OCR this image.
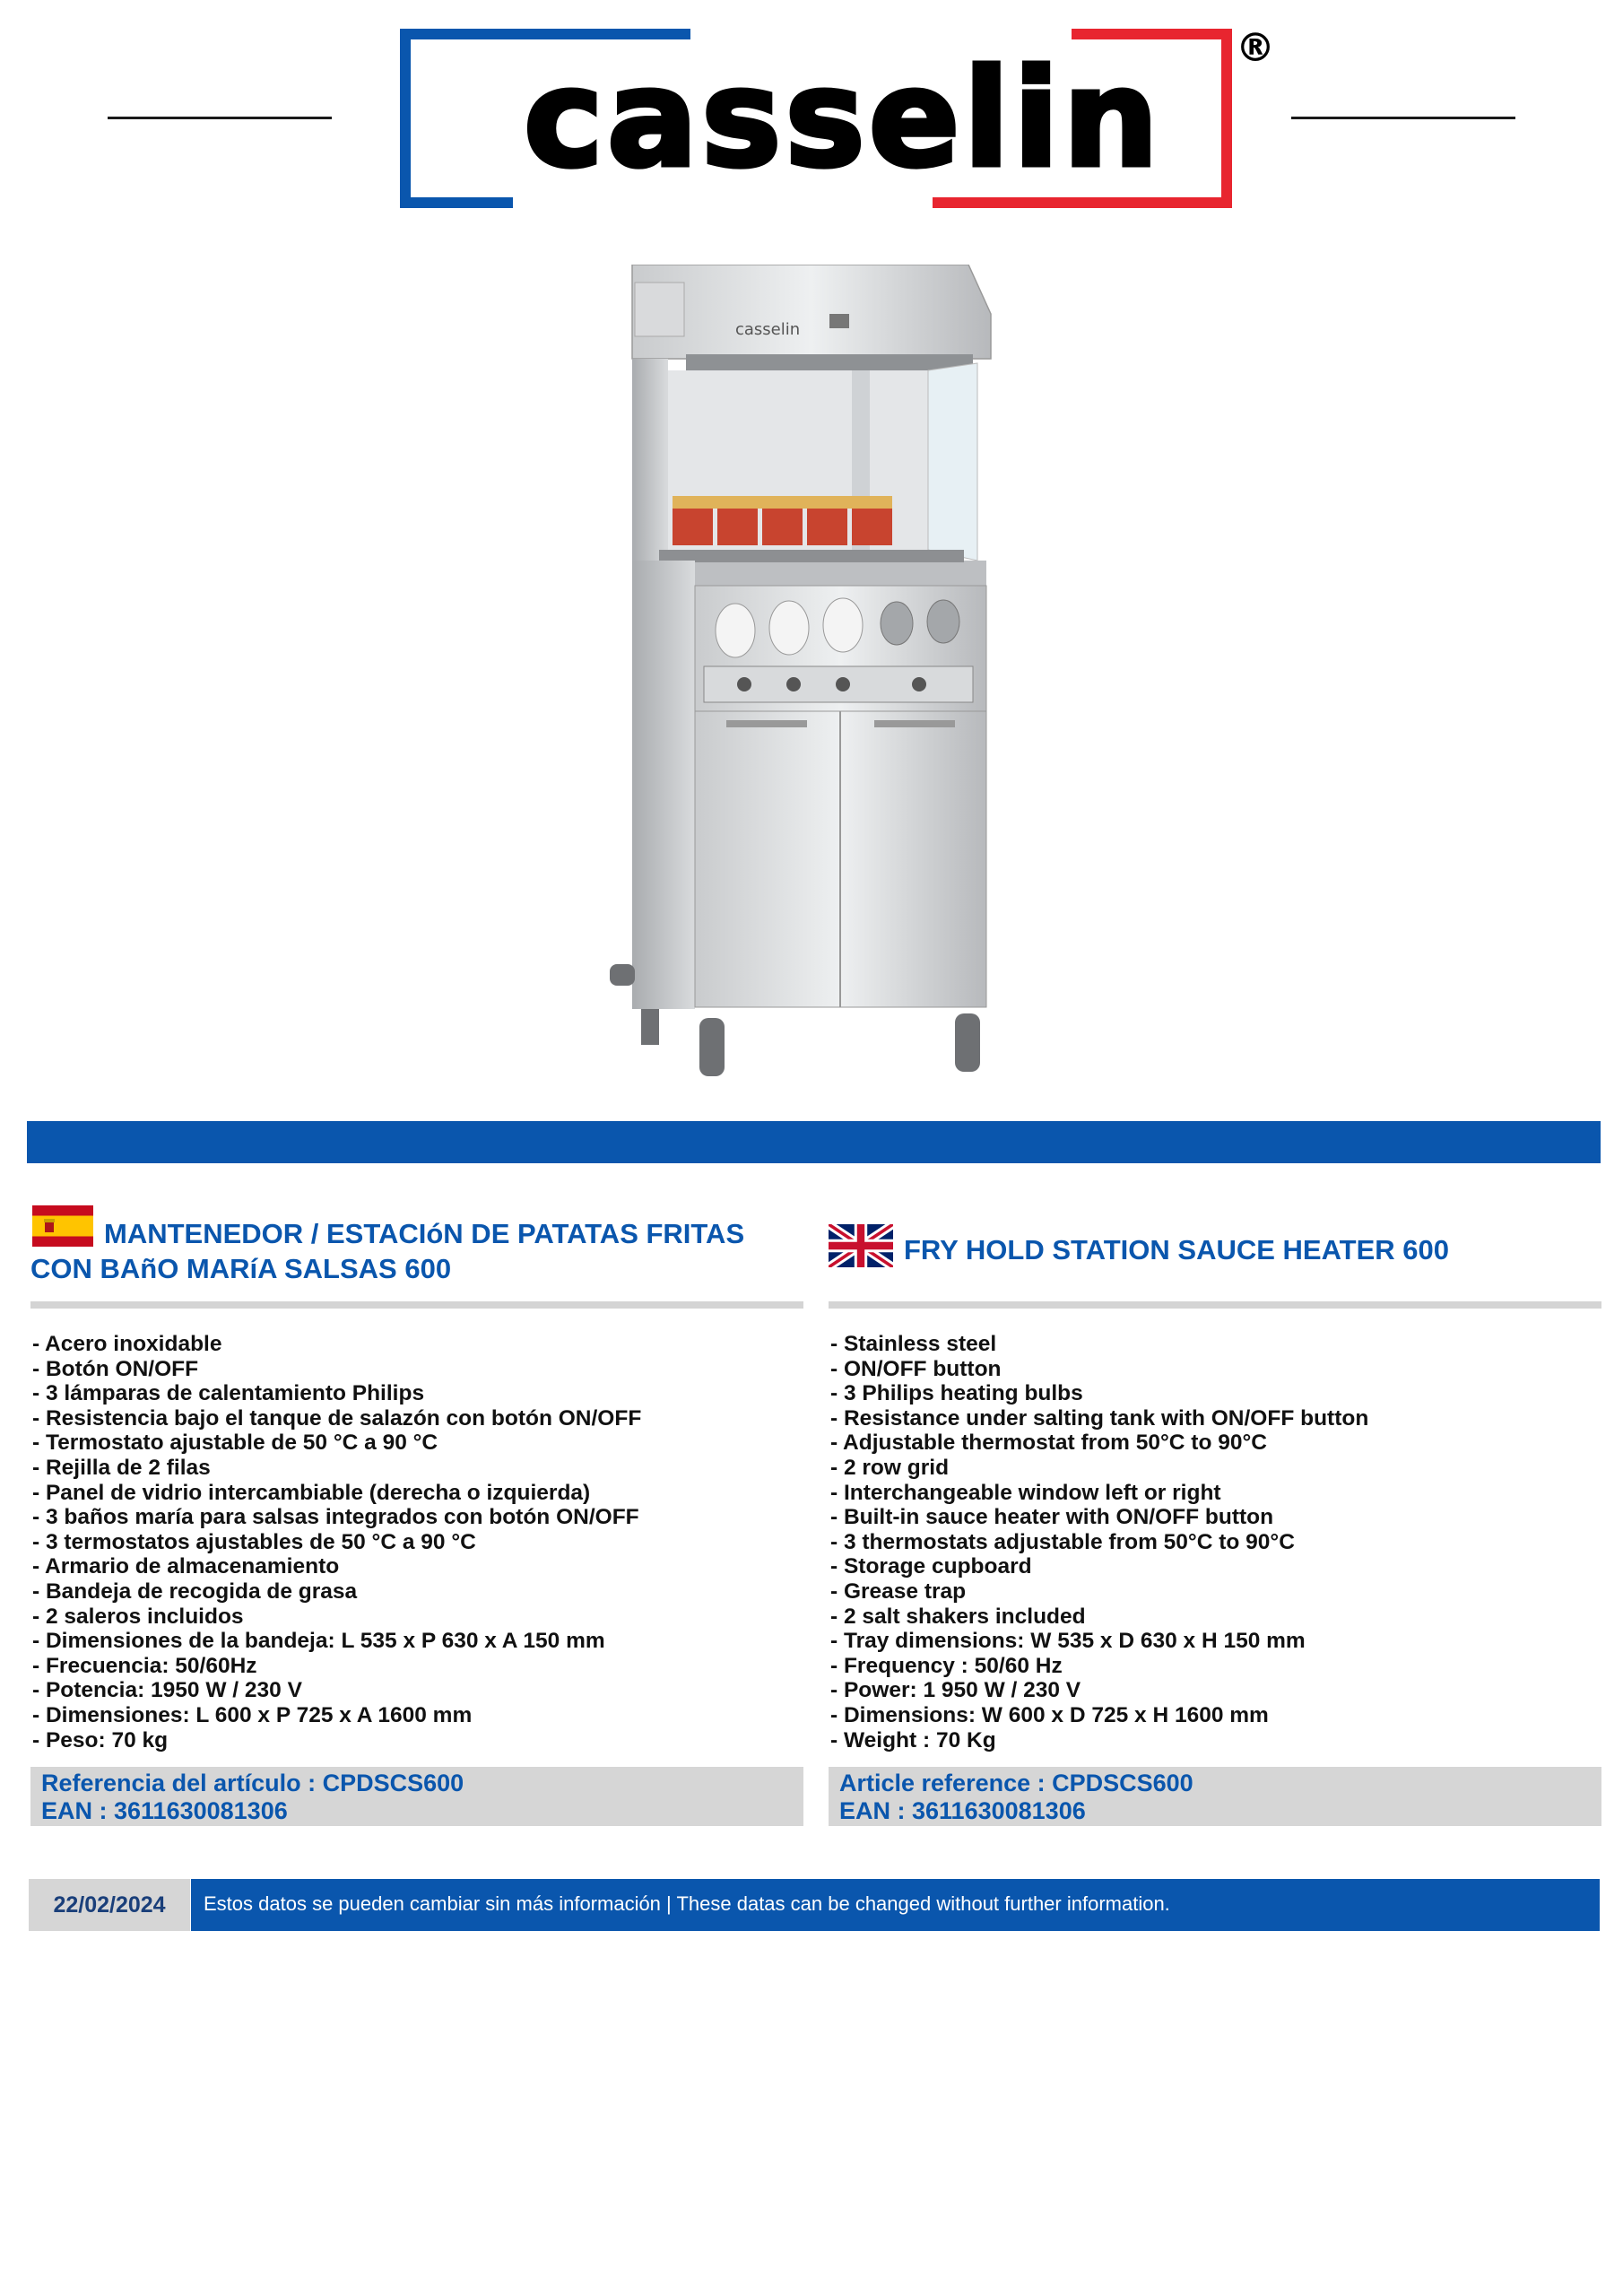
casselin	®
casselin
MANTENEDOR / ESTACIóN DE PATATAS FRITAS
CON BAñO MARíA SALSAS 600
- Acero inoxidable
- Botón ON/OFF
- 3 lámparas de calentamiento Philips
- Resistencia bajo el tanque de salazón con botón ON/OFF
- Termostato ajustable de 50 °C a 90 °C
- Rejilla de 2 filas
- Panel de vidrio intercambiable (derecha o izquierda)
- 3 baños maría para salsas integrados con botón ON/OFF
- 3 termostatos ajustables de 50 °C a 90 °C
- Armario de almacenamiento
- Bandeja de recogida de grasa
- 2 saleros incluidos
- Dimensiones de la bandeja: L 535 x P 630 x A 150 mm
- Frecuencia: 50/60Hz
- Potencia: 1950 W / 230 V
- Dimensiones: L 600 x P 725 x A 1600 mm
- Peso: 70 kg
Referencia del artículo : CPDSCS600
EAN : 3611630081306
FRY HOLD STATION SAUCE HEATER 600
- Stainless steel
- ON/OFF button
- 3 Philips heating bulbs
- Resistance under salting tank with ON/OFF button
- Adjustable thermostat from 50°C to 90°C
- 2 row grid
- Interchangeable window left or right
- Built-in sauce heater with ON/OFF button
- 3 thermostats adjustable from 50°C to 90°C
- Storage cupboard
- Grease trap
- 2 salt shakers included
- Tray dimensions: W 535 x D 630 x H 150 mm
- Frequency : 50/60 Hz
- Power: 1 950 W / 230 V
- Dimensions: W 600 x D 725 x H 1600 mm
- Weight : 70 Kg
Article reference : CPDSCS600
EAN : 3611630081306
22/02/2024	Estos datos se pueden cambiar sin más información | These datas can be changed without further information.
